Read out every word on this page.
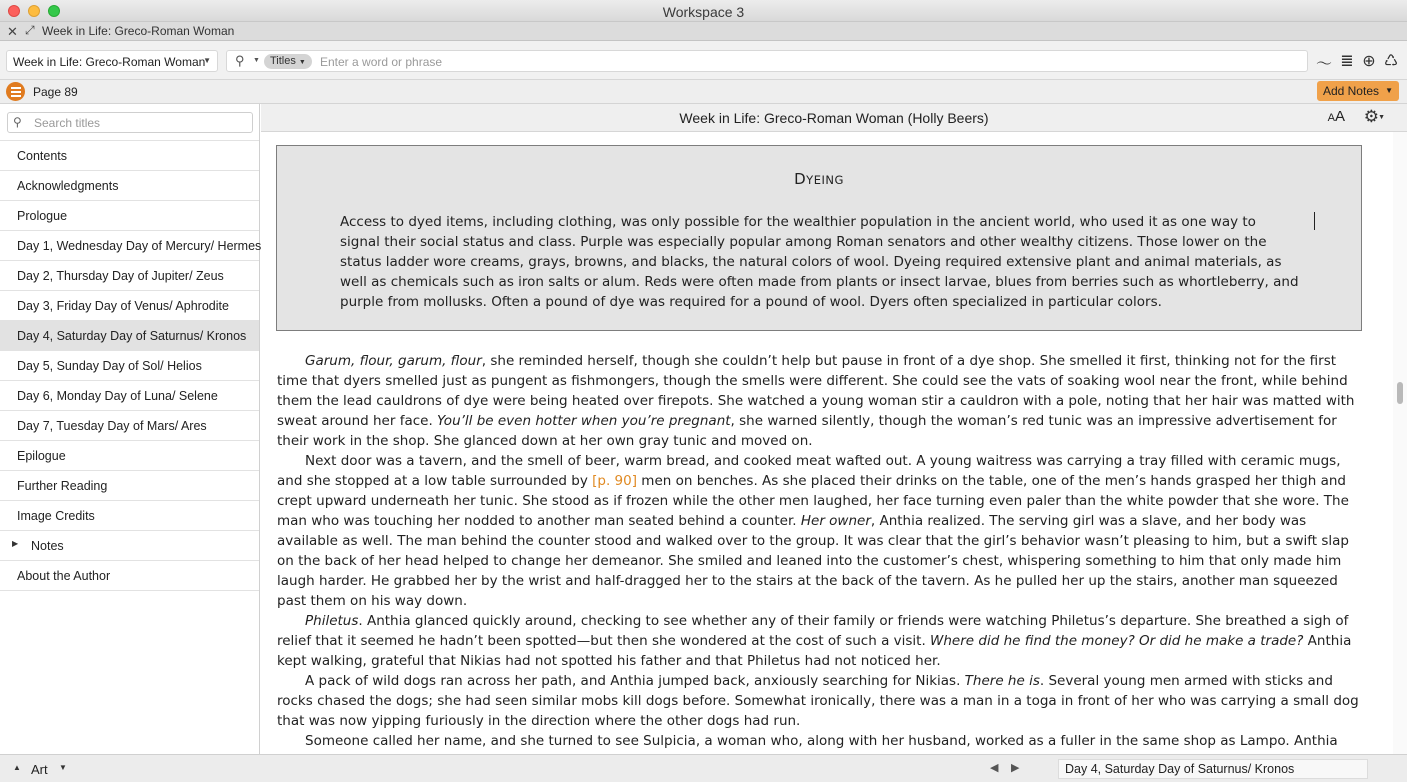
Workspace 3
✕ ⤢ Week in Life: Greco-Roman Woman
Week in Life: Greco-Roman Woman
▼ ⚲ ▼ Titles ▼	Enter a word or phrase	〜 ≣ ⊕ ♺
Page 89	Add Notes ▼
⚲ Search titles
Contents
Acknowledgments
Prologue
Day 1, Wednesday Day of Mercury/ Hermes
Day 2, Thursday Day of Jupiter/ Zeus
Day 3, Friday Day of Venus/ Aphrodite
Day 4, Saturday Day of Saturnus/ Kronos
Day 5, Sunday Day of Sol/ Helios
Day 6, Monday Day of Luna/ Selene
Day 7, Tuesday Day of Mars/ Ares
Epilogue
Further Reading
Image Credits
▶ Notes
About the Author
Week in Life: Greco-Roman Woman (Holly Beers)	AA ⚙ ▼
DYEING
Access to dyed items, including clothing, was only possible for the wealthier population in the ancient world, who used it as one way to signal their social status and class. Purple was especially popular among Roman senators and other wealthy citizens. Those lower on the status ladder wore creams, grays, browns, and blacks, the natural colors of wool. Dyeing required extensive plant and animal materials, as well as chemicals such as iron salts or alum. Reds were often made from plants or insect larvae, blues from berries such as whortleberry, and purple from mollusks. Often a pound of dye was required for a pound of wool. Dyers often specialized in particular colors.

Garum, flour, garum, flour, she reminded herself, though she couldn’t help but pause in front of a dye shop. She smelled it first, thinking not for the first time that dyers smelled just as pungent as fishmongers, though the smells were different. She could see the vats of soaking wool near the front, while behind them the lead cauldrons of dye were being heated over firepots. She watched a young woman stir a cauldron with a pole, noting that her hair was matted with sweat around her face. You’ll be even hotter when you’re pregnant, she warned silently, though the woman’s red tunic was an impressive advertisement for their work in the shop. She glanced down at her own gray tunic and moved on.

Next door was a tavern, and the smell of beer, warm bread, and cooked meat wafted out. A young waitress was carrying a tray filled with ceramic mugs, and she stopped at a low table surrounded by [p. 90] men on benches. As she placed their drinks on the table, one of the men’s hands grasped her thigh and crept upward underneath her tunic. She stood as if frozen while the other men laughed, her face turning even paler than the white powder that she wore. The man who was touching her nodded to another man seated behind a counter. Her owner, Anthia realized. The serving girl was a slave, and her body was available as well. The man behind the counter stood and walked over to the group. It was clear that the girl’s behavior wasn’t pleasing to him, but a swift slap on the back of her head helped to change her demeanor. She smiled and leaned into the customer’s chest, whispering something to him that only made him laugh harder. He grabbed her by the wrist and half-dragged her to the stairs at the back of the tavern. As he pulled her up the stairs, another man squeezed past them on his way down.

Philetus. Anthia glanced quickly around, checking to see whether any of their family or friends were watching Philetus’s departure. She breathed a sigh of relief that it seemed he hadn’t been spotted—but then she wondered at the cost of such a visit. Where did he find the money? Or did he make a trade? Anthia kept walking, grateful that Nikias had not spotted his father and that Philetus had not noticed her.

A pack of wild dogs ran across her path, and Anthia jumped back, anxiously searching for Nikias. There he is. Several young men armed with sticks and rocks chased the dogs; she had seen similar mobs kill dogs before. Somewhat ironically, there was a man in a toga in front of her who was carrying a small dog that was now yipping furiously in the direction where the other dogs had run.

Someone called her name, and she turned to see Sulpicia, a woman who, along with her husband, worked as a fuller in the same shop as Lampo. Anthia

▲ Art ▼	◀ ▶	Day 4, Saturday Day of Saturnus/ Kronos
